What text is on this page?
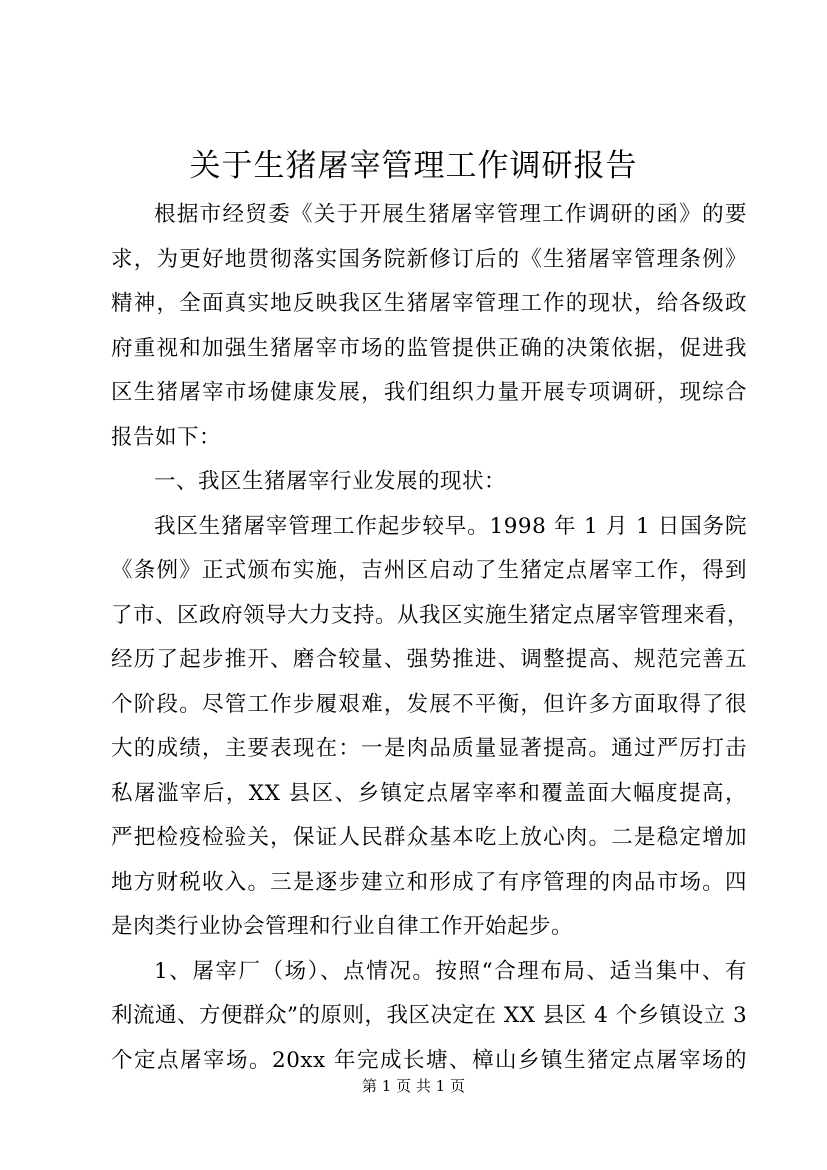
关于生猪屠宰管理工作调研报告
根据市经贸委《关于开展生猪屠宰管理工作调研的函》的要
求，为更好地贯彻落实国务院新修订后的《生猪屠宰管理条例》
精神，全面真实地反映我区生猪屠宰管理工作的现状，给各级政
府重视和加强生猪屠宰市场的监管提供正确的决策依据，促进我
区生猪屠宰市场健康发展，我们组织力量开展专项调研，现综合
报告如下：
一、我区生猪屠宰行业发展的现状：
我区生猪屠宰管理工作起步较早。1998 年 1 月 1 日国务院
《条例》正式颁布实施，吉州区启动了生猪定点屠宰工作，得到
了市、区政府领导大力支持。从我区实施生猪定点屠宰管理来看，
经历了起步推开、磨合较量、强势推进、调整提高、规范完善五
个阶段。尽管工作步履艰难，发展不平衡，但许多方面取得了很
大的成绩，主要表现在：一是肉品质量显著提高。通过严厉打击
私屠滥宰后，XX 县区、乡镇定点屠宰率和覆盖面大幅度提高，
严把检疫检验关，保证人民群众基本吃上放心肉。二是稳定增加
地方财税收入。三是逐步建立和形成了有序管理的肉品市场。四
是肉类行业协会管理和行业自律工作开始起步。
1、屠宰厂（场）、点情况。按照“合理布局、适当集中、有
利流通、方便群众”的原则，我区决定在 XX 县区 4 个乡镇设立 3
个定点屠宰场。20xx 年完成长塘、樟山乡镇生猪定点屠宰场的
第 1 页 共 1 页
